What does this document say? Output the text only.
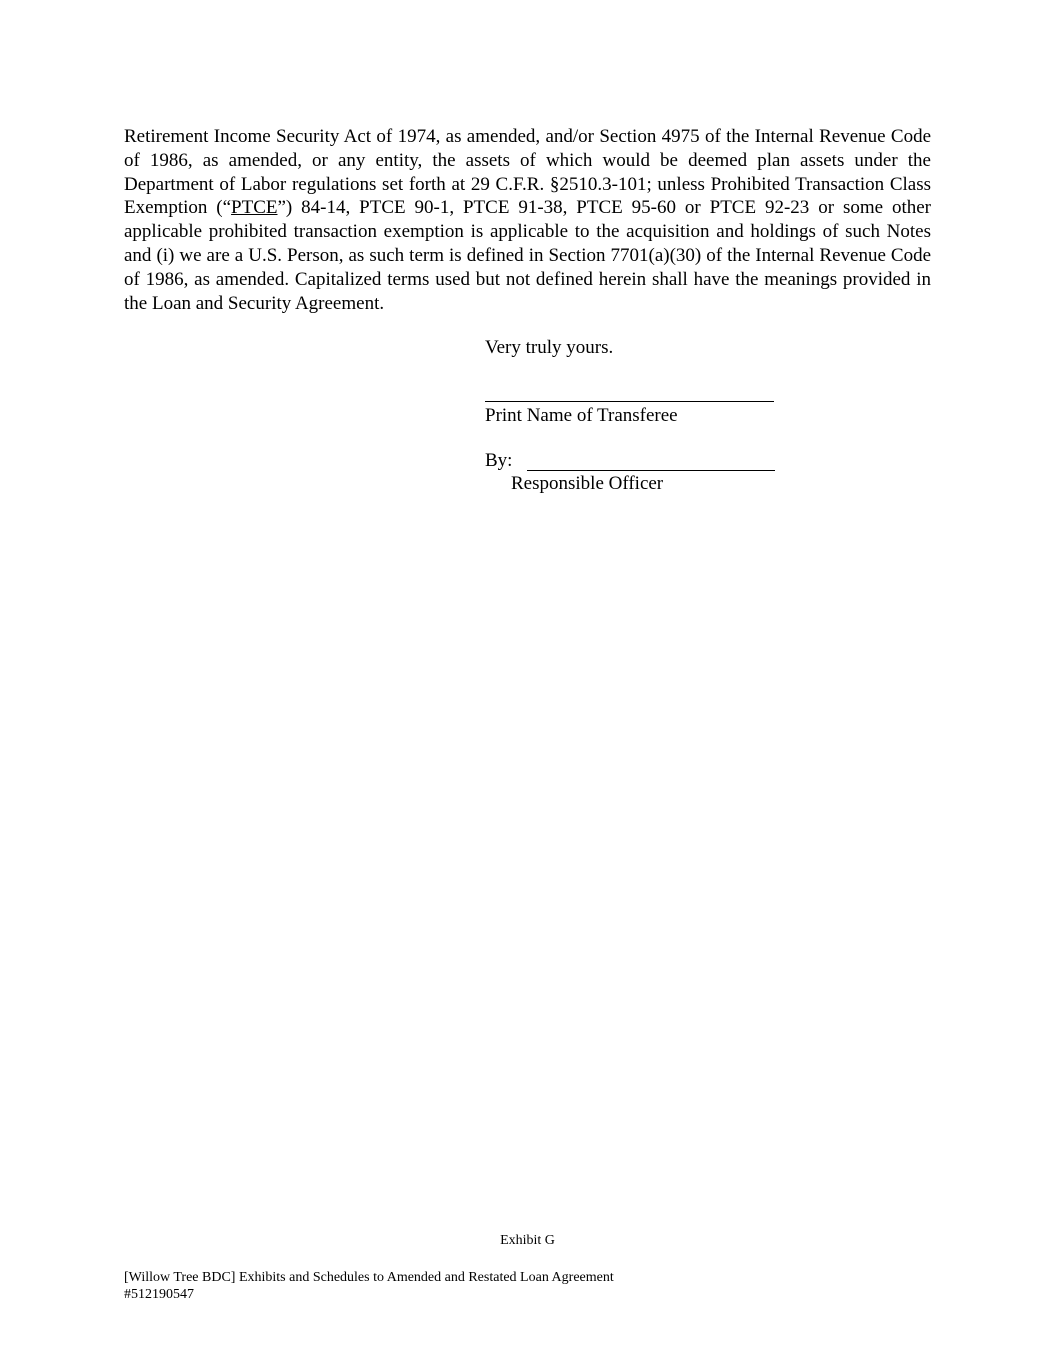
Retirement Income Security Act of 1974, as amended, and/or Section 4975 of the Internal Revenue Code of 1986, as amended, or any entity, the assets of which would be deemed plan assets under the Department of Labor regulations set forth at 29 C.F.R. §2510.3-101; unless Prohibited Transaction Class Exemption (“PTCE”) 84-14, PTCE 90-1, PTCE 91-38, PTCE 95-60 or PTCE 92-23 or some other applicable prohibited transaction exemption is applicable to the acquisition and holdings of such Notes and (i) we are a U.S. Person, as such term is defined in Section 7701(a)(30) of the Internal Revenue Code of 1986, as amended. Capitalized terms used but not defined herein shall have the meanings provided in the Loan and Security Agreement.

Very truly yours.

Print Name of Transferee

By:

Responsible Officer

Exhibit G

[Willow Tree BDC] Exhibits and Schedules to Amended and Restated Loan Agreement
#512190547
